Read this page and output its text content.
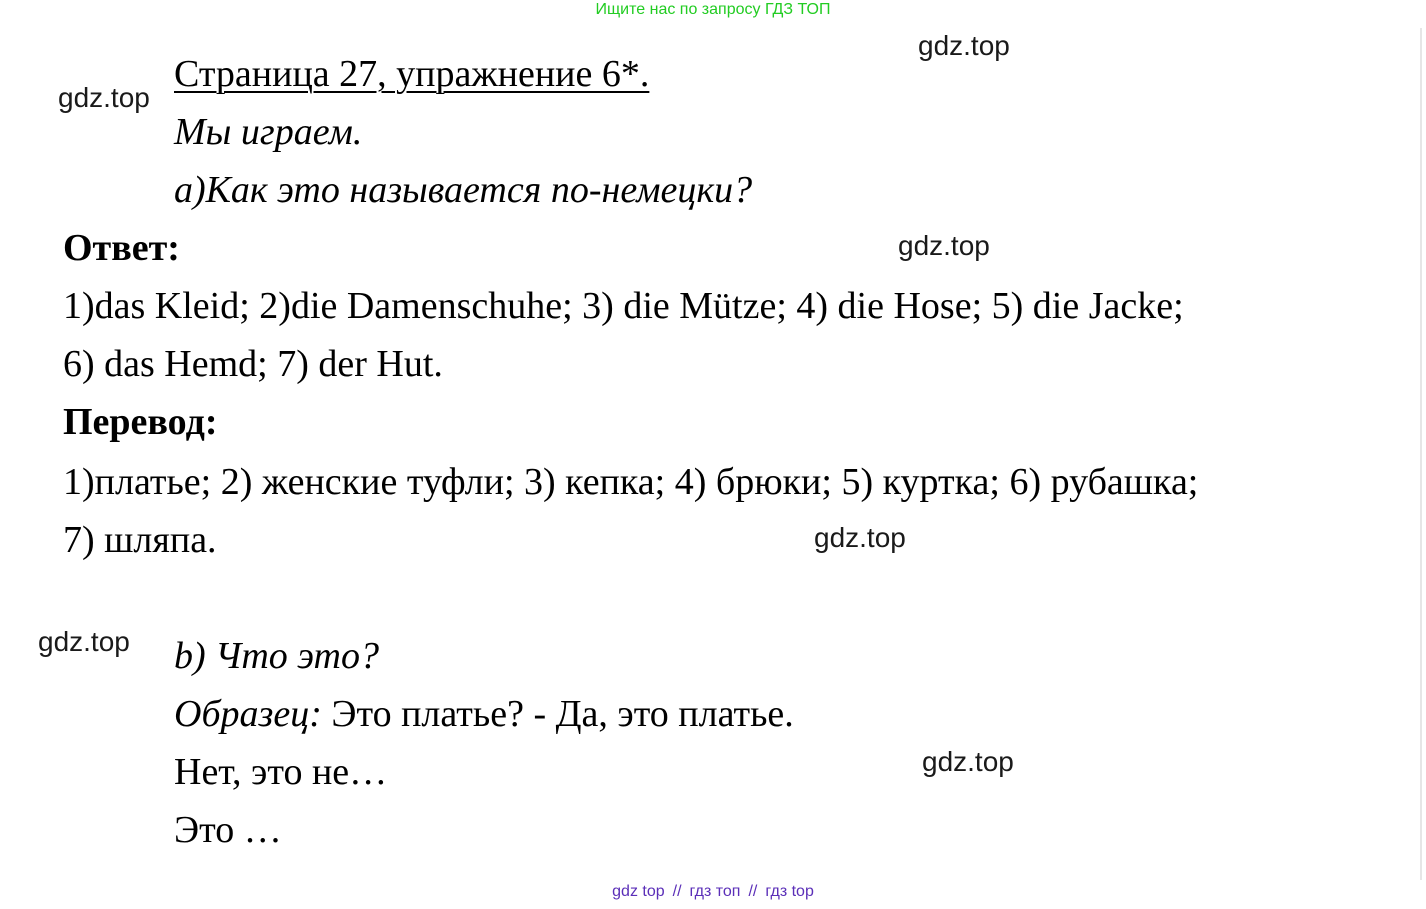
Ищите нас по запросу ГДЗ ТОП
gdz.top
gdz.top
gdz.top
gdz.top
gdz.top
gdz.top
Страница 27, упражнение 6*.
Мы играем.
а)Как это называется по-немецки?
Ответ:
1)das Kleid; 2)die Damenschuhe; 3) die Mütze; 4) die Hose; 5) die Jacke;
6) das Hemd; 7) der Hut.
Перевод:
1)платье; 2) женские туфли; 3) кепка; 4) брюки; 5) куртка; 6) рубашка;
7) шляпа.
b) Что это?
Образец: Это платье? - Да, это платье.
Нет, это не…
Это …
gdz top // гдз топ // гдз top
